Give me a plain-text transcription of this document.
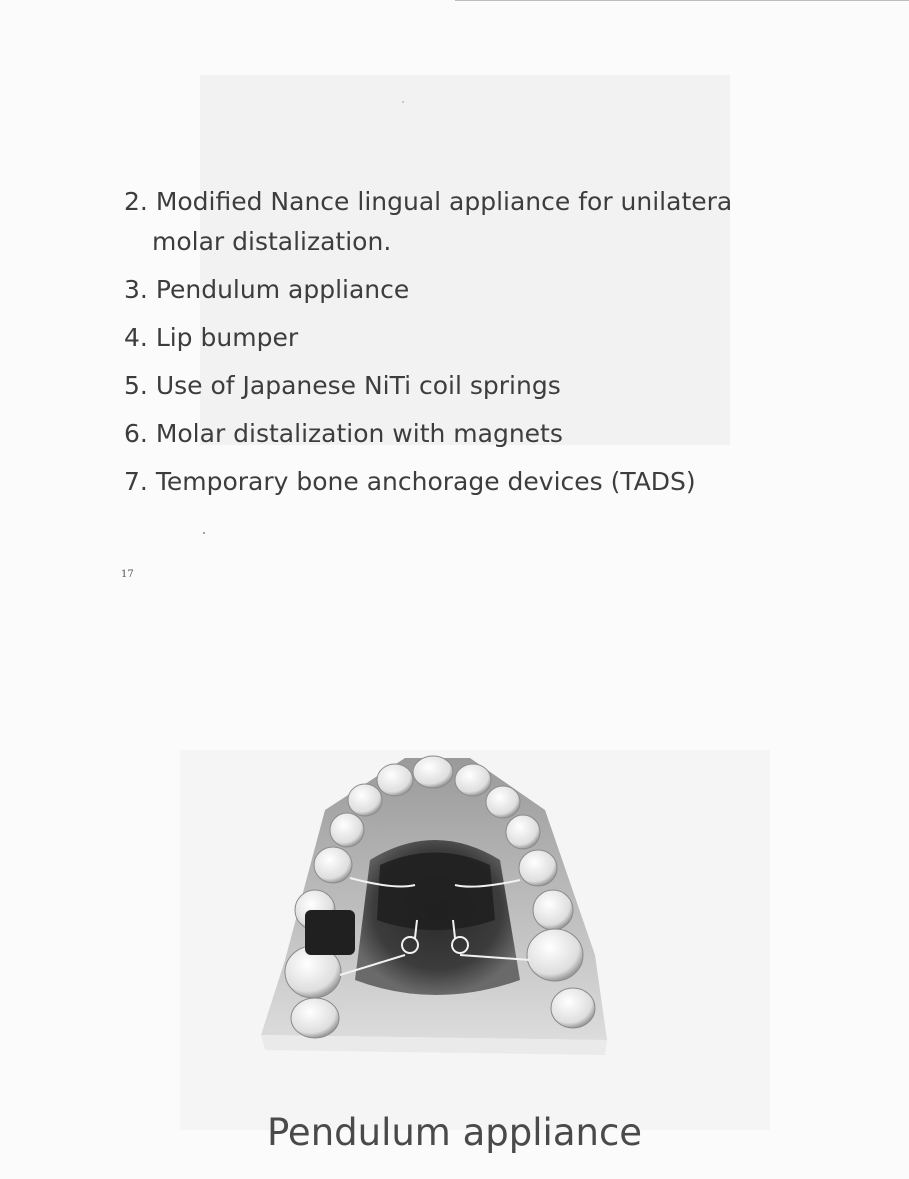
2. Modified Nance lingual appliance for unilatera
molar distalization.
3. Pendulum appliance
4. Lip bumper
5. Use of Japanese NiTi coil springs
6. Molar distalization with magnets
7. Temporary bone anchorage devices (TADS)
17
Pendulum appliance
